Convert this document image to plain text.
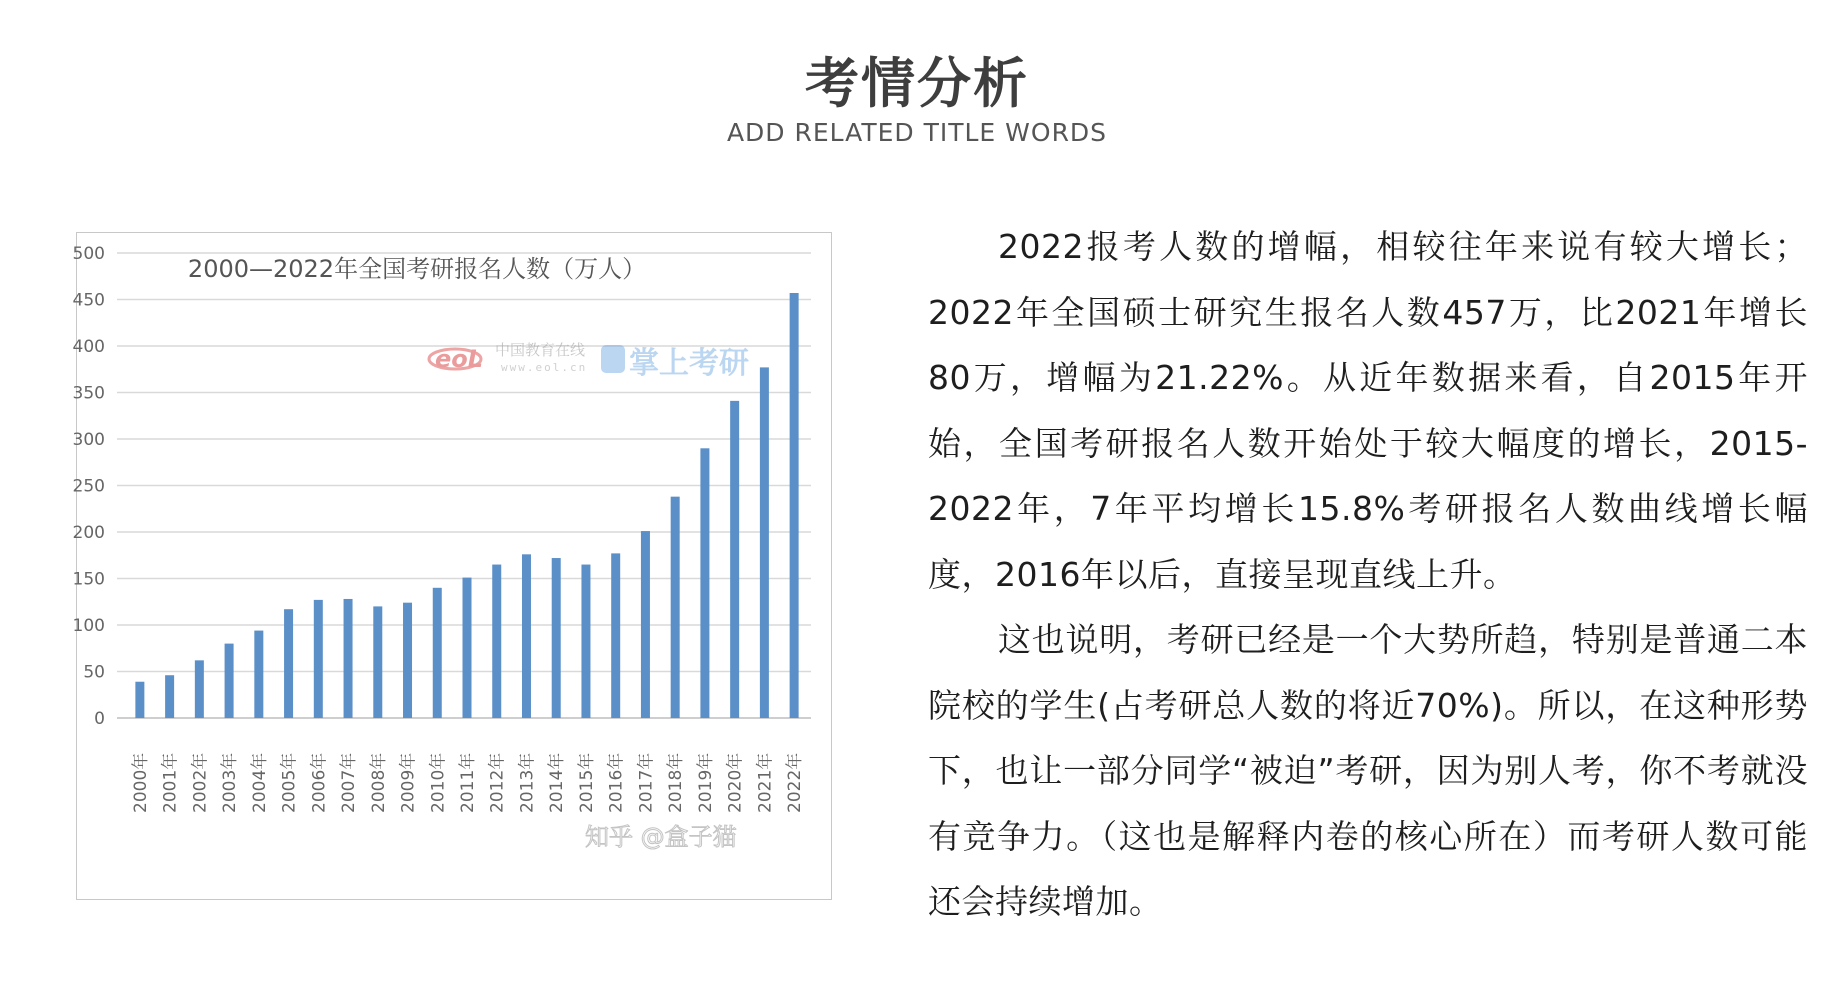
考情分析
ADD RELATED TITLE WORDS
0
50
100
150
200
250
300
350
400
450
500
2000—2022年全国考研报名人数（万人）
eoL 中国教育在线
www.eol.cn 掌上考研
2000年 2001年 2002年 2003年 2004年 2005年 2006年 2007年 2008年 2009年 2010年 2011年 2012年 2013年 2014年 2015年 2016年 2017年 2018年 2019年 2020年 2021年 2022年
知乎 @盒子猫

2022报考人数的增幅，相较往年来说有较大增长；2022年全国硕士研究生报名人数457万，比2021年增长80万，增幅为21.22%。从近年数据来看，自2015年开始，全国考研报名人数开始处于较大幅度的增长，2015-2022年，7年平均增长15.8%考研报名人数曲线增长幅度，2016年以后，直接呈现直线上升。

这也说明，考研已经是一个大势所趋，特别是普通二本院校的学生(占考研总人数的将近70%)。所以，在这种形势下，也让一部分同学“被迫”考研，因为别人考，你不考就没有竞争力。（这也是解释内卷的核心所在）而考研人数可能还会持续增加。
